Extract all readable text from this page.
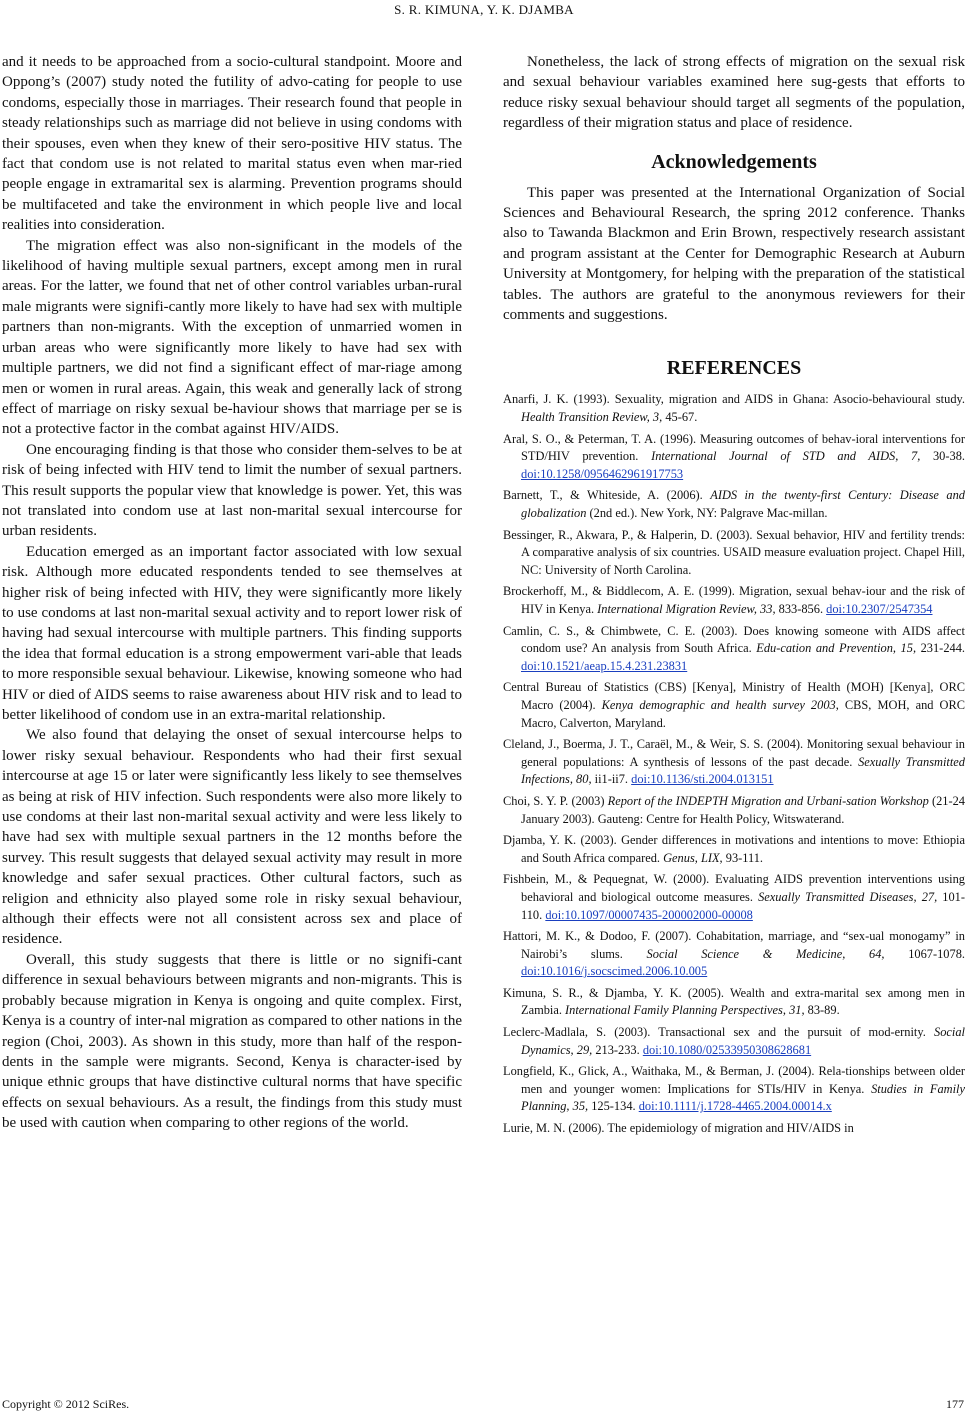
S. R. KIMUNA, Y. K. DJAMBA

and it needs to be approached from a socio-cultural standpoint. Moore and Oppong’s (2007) study noted the futility of advo-cating for people to use condoms, especially those in marriages. Their research found that people in steady relationships such as marriage did not believe in using condoms with their spouses, even when they knew of their sero-positive HIV status. The fact that condom use is not related to marital status even when mar-ried people engage in extramarital sex is alarming. Prevention programs should be multifaceted and take the environment in which people live and local realities into consideration.

The migration effect was also non-significant in the models of the likelihood of having multiple sexual partners, except among men in rural areas. For the latter, we found that net of other control variables urban-rural male migrants were signifi-cantly more likely to have had sex with multiple partners than non-migrants. With the exception of unmarried women in urban areas who were significantly more likely to have had sex with multiple partners, we did not find a significant effect of mar-riage among men or women in rural areas. Again, this weak and generally lack of strong effect of marriage on risky sexual be-haviour shows that marriage per se is not a protective factor in the combat against HIV/AIDS.

One encouraging finding is that those who consider them-selves to be at risk of being infected with HIV tend to limit the number of sexual partners. This result supports the popular view that knowledge is power. Yet, this was not translated into condom use at last non-marital sexual intercourse for urban residents.

Education emerged as an important factor associated with low sexual risk. Although more educated respondents tended to see themselves at higher risk of being infected with HIV, they were significantly more likely to use condoms at last non-marital sexual activity and to report lower risk of having had sexual intercourse with multiple partners. This finding supports the idea that formal education is a strong empowerment vari-able that leads to more responsible sexual behaviour. Likewise, knowing someone who had HIV or died of AIDS seems to raise awareness about HIV risk and to lead to better likelihood of condom use in an extra-marital relationship.

We also found that delaying the onset of sexual intercourse helps to lower risky sexual behaviour. Respondents who had their first sexual intercourse at age 15 or later were significantly less likely to see themselves as being at risk of HIV infection. Such respondents were also more likely to use condoms at their last non-marital sexual activity and were less likely to have had sex with multiple sexual partners in the 12 months before the survey. This result suggests that delayed sexual activity may result in more knowledge and safer sexual practices. Other cultural factors, such as religion and ethnicity also played some role in risky sexual behaviour, although their effects were not all consistent across sex and place of residence.

Overall, this study suggests that there is little or no signifi-cant difference in sexual behaviours between migrants and non-migrants. This is probably because migration in Kenya is ongoing and quite complex. First, Kenya is a country of inter-nal migration as compared to other nations in the region (Choi, 2003). As shown in this study, more than half of the respon-dents in the sample were migrants. Second, Kenya is character-ised by unique ethnic groups that have distinctive cultural norms that have specific effects on sexual behaviours. As a result, the findings from this study must be used with caution when comparing to other regions of the world.

Nonetheless, the lack of strong effects of migration on the sexual risk and sexual behaviour variables examined here sug-gests that efforts to reduce risky sexual behaviour should target all segments of the population, regardless of their migration status and place of residence.

Acknowledgements

This paper was presented at the International Organization of Social Sciences and Behavioural Research, the spring 2012 conference. Thanks also to Tawanda Blackmon and Erin Brown, respectively research assistant and program assistant at the Center for Demographic Research at Auburn University at Montgomery, for helping with the preparation of the statistical tables. The authors are grateful to the anonymous reviewers for their comments and suggestions.

REFERENCES

Anarfi, J. K. (1993). Sexuality, migration and AIDS in Ghana: Asocio-behavioural study. Health Transition Review, 3, 45-67.

Aral, S. O., & Peterman, T. A. (1996). Measuring outcomes of behav-ioral interventions for STD/HIV prevention. International Journal of STD and AIDS, 7, 30-38. doi:10.1258/0956462961917753

Barnett, T., & Whiteside, A. (2006). AIDS in the twenty-first Century: Disease and globalization (2nd ed.). New York, NY: Palgrave Mac-millan.

Bessinger, R., Akwara, P., & Halperin, D. (2003). Sexual behavior, HIV and fertility trends: A comparative analysis of six countries. USAID measure evaluation project. Chapel Hill, NC: University of North Carolina.

Brockerhoff, M., & Biddlecom, A. E. (1999). Migration, sexual behav-iour and the risk of HIV in Kenya. International Migration Review, 33, 833-856. doi:10.2307/2547354

Camlin, C. S., & Chimbwete, C. E. (2003). Does knowing someone with AIDS affect condom use? An analysis from South Africa. Edu-cation and Prevention, 15, 231-244. doi:10.1521/aeap.15.4.231.23831

Central Bureau of Statistics (CBS) [Kenya], Ministry of Health (MOH) [Kenya], ORC Macro (2004). Kenya demographic and health survey 2003, CBS, MOH, and ORC Macro, Calverton, Maryland.

Cleland, J., Boerma, J. T., Caraël, M., & Weir, S. S. (2004). Monitoring sexual behaviour in general populations: A synthesis of lessons of the past decade. Sexually Transmitted Infections, 80, ii1-ii7. doi:10.1136/sti.2004.013151

Choi, S. Y. P. (2003) Report of the INDEPTH Migration and Urbani-sation Workshop (21-24 January 2003). Gauteng: Centre for Health Policy, Witswaterand.

Djamba, Y. K. (2003). Gender differences in motivations and intentions to move: Ethiopia and South Africa compared. Genus, LIX, 93-111.

Fishbein, M., & Pequegnat, W. (2000). Evaluating AIDS prevention interventions using behavioral and biological outcome measures. Sexually Transmitted Diseases, 27, 101-110. doi:10.1097/00007435-200002000-00008

Hattori, M. K., & Dodoo, F. (2007). Cohabitation, marriage, and “sex-ual monogamy” in Nairobi’s slums. Social Science & Medicine, 64, 1067-1078. doi:10.1016/j.socscimed.2006.10.005

Kimuna, S. R., & Djamba, Y. K. (2005). Wealth and extra-marital sex among men in Zambia. International Family Planning Perspectives, 31, 83-89.

Leclerc-Madlala, S. (2003). Transactional sex and the pursuit of mod-ernity. Social Dynamics, 29, 213-233. doi:10.1080/02533950308628681

Longfield, K., Glick, A., Waithaka, M., & Berman, J. (2004). Rela-tionships between older men and younger women: Implications for STIs/HIV in Kenya. Studies in Family Planning, 35, 125-134. doi:10.1111/j.1728-4465.2004.00014.x

Lurie, M. N. (2006). The epidemiology of migration and HIV/AIDS in

Copyright © 2012 SciRes.	177
